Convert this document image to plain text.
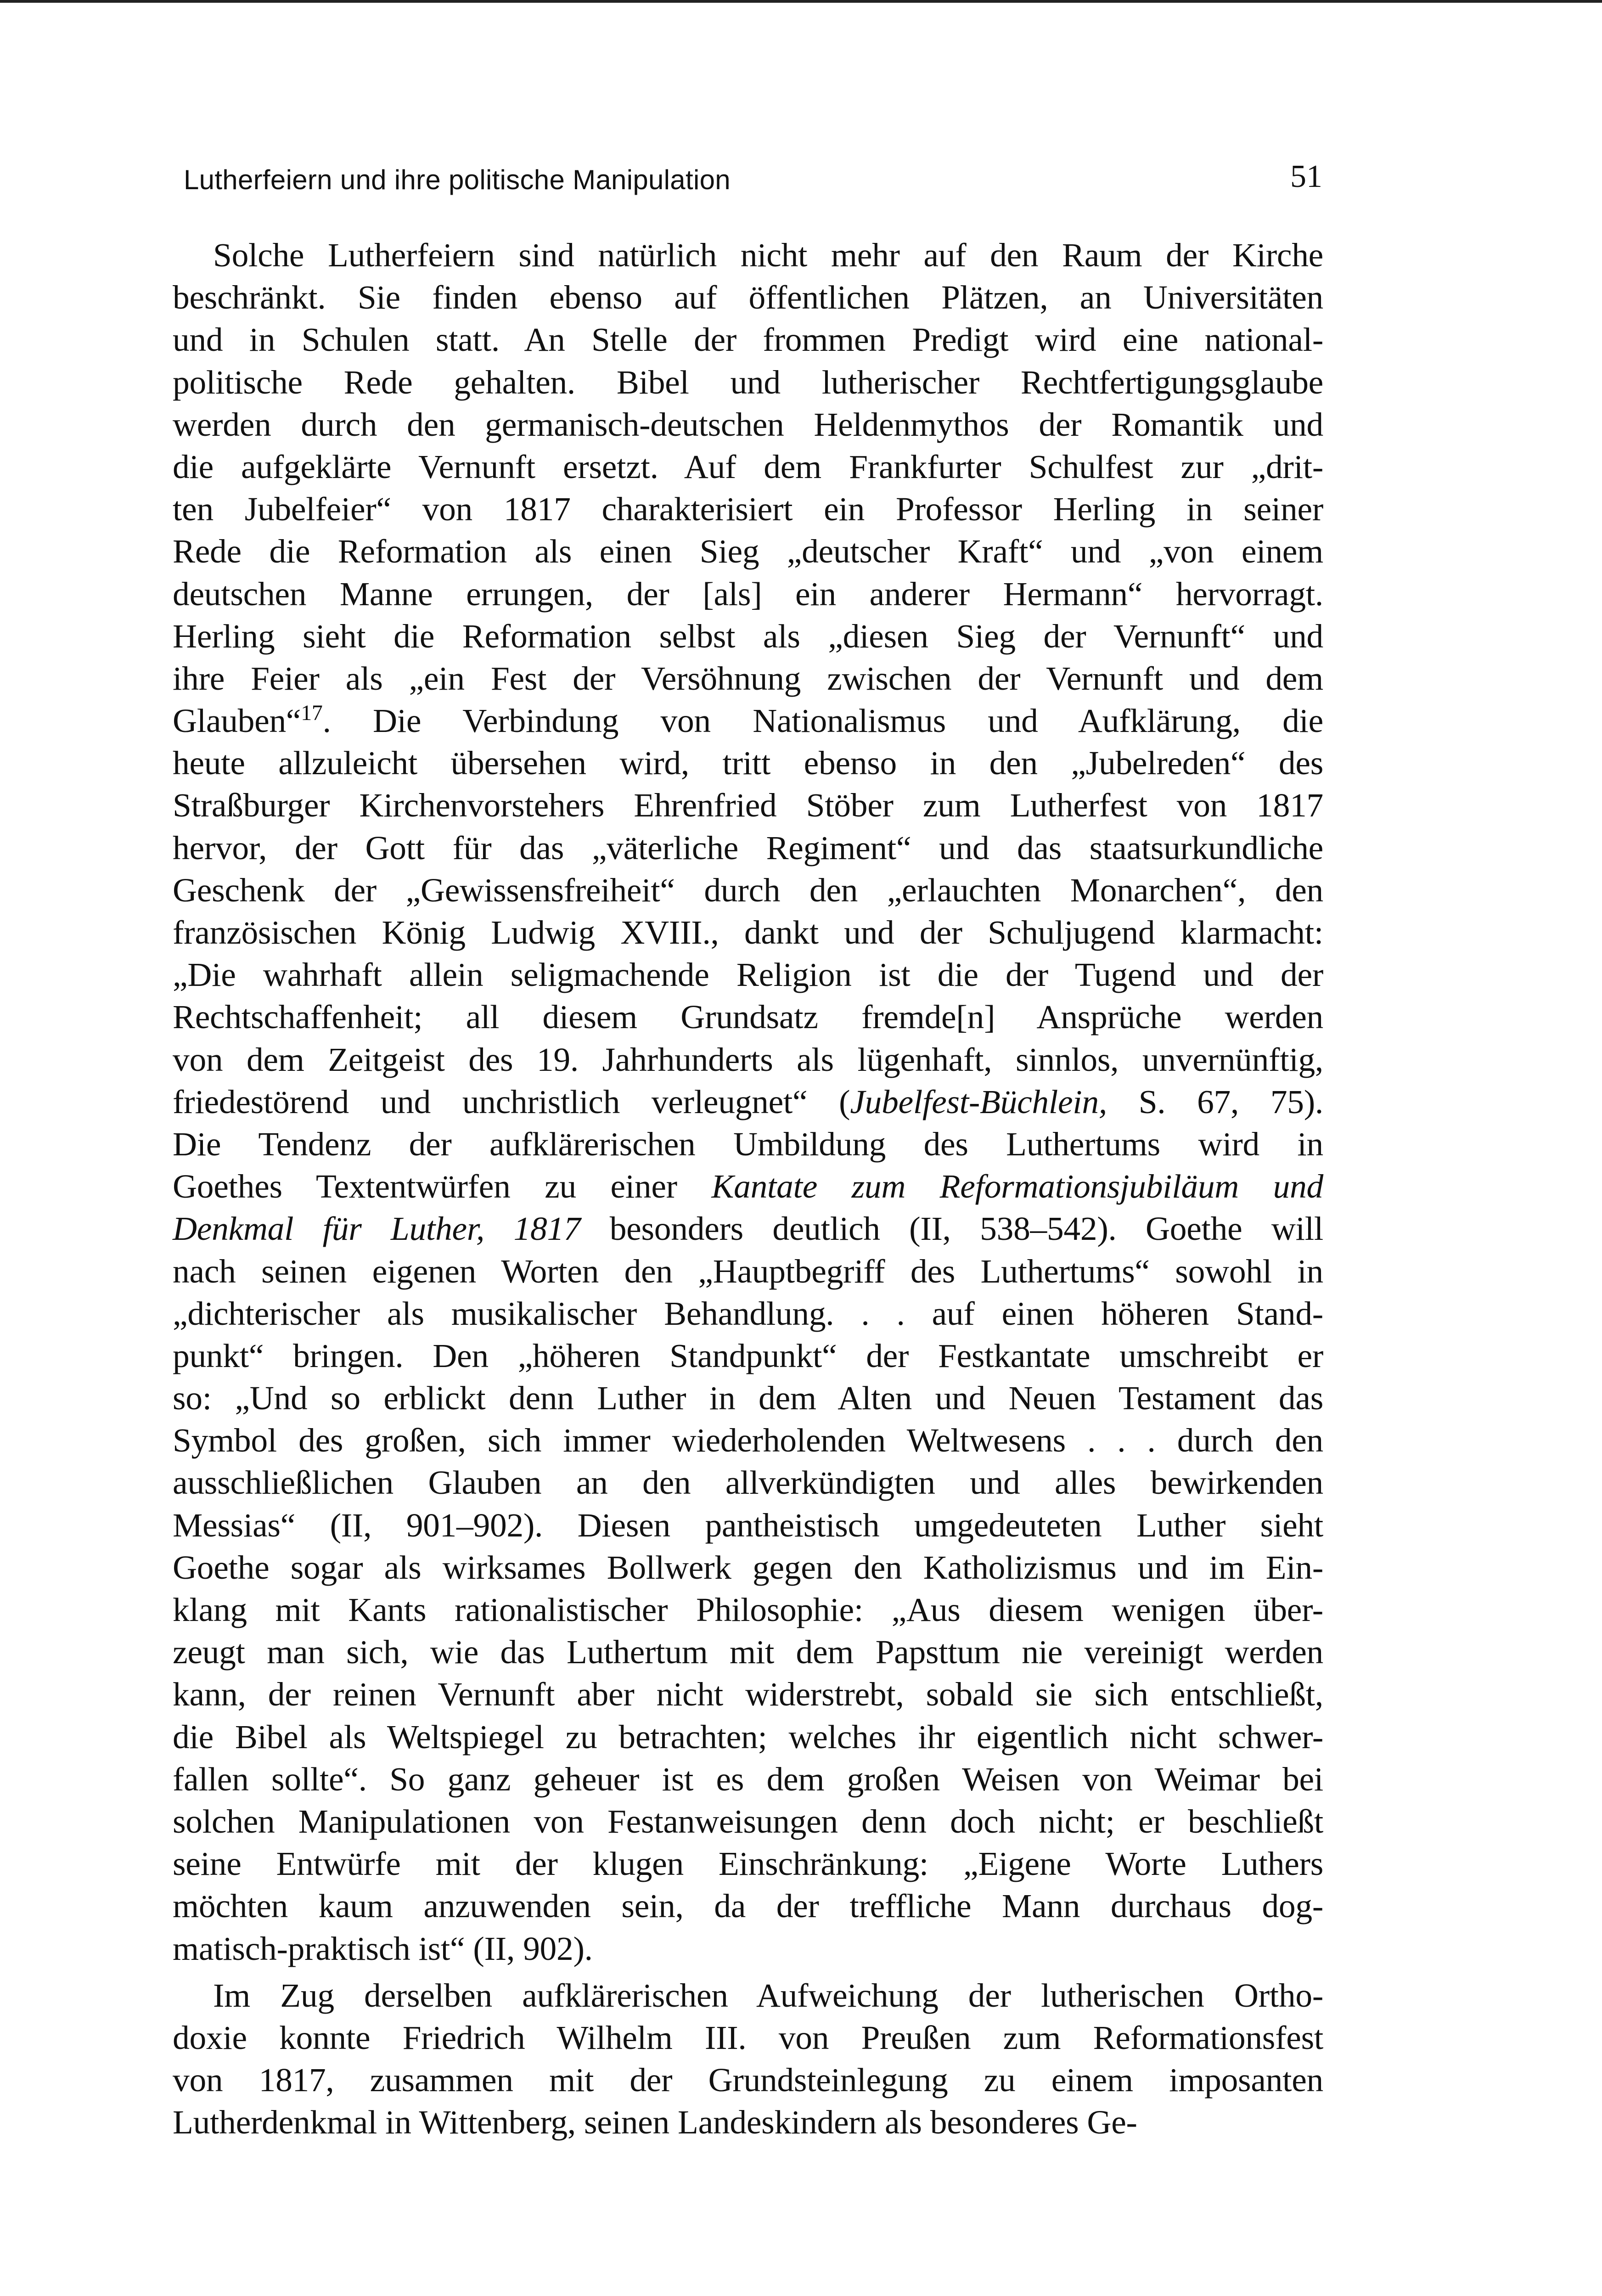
Lutherfeiern und ihre politische Manipulation	51
Solche Lutherfeiern sind natürlich nicht mehr auf den Raum der Kirche
beschränkt. Sie finden ebenso auf öffentlichen Plätzen, an Universitäten
und in Schulen statt. An Stelle der frommen Predigt wird eine national-
politische Rede gehalten. Bibel und lutherischer Rechtfertigungsglaube
werden durch den germanisch-deutschen Heldenmythos der Romantik und
die aufgeklärte Vernunft ersetzt. Auf dem Frankfurter Schulfest zur „drit-
ten Jubelfeier“ von 1817 charakterisiert ein Professor Herling in seiner
Rede die Reformation als einen Sieg „deutscher Kraft“ und „von einem
deutschen Manne errungen, der [als] ein anderer Hermann“ hervorragt.
Herling sieht die Reformation selbst als „diesen Sieg der Vernunft“ und
ihre Feier als „ein Fest der Versöhnung zwischen der Vernunft und dem
Glauben“$^{17}$. Die Verbindung von Nationalismus und Aufklärung, die
heute allzuleicht übersehen wird, tritt ebenso in den „Jubelreden“ des
Straßburger Kirchenvorstehers Ehrenfried Stöber zum Lutherfest von 1817
hervor, der Gott für das „väterliche Regiment“ und das staatsurkundliche
Geschenk der „Gewissensfreiheit“ durch den „erlauchten Monarchen“, den
französischen König Ludwig XVIII., dankt und der Schuljugend klarmacht:
„Die wahrhaft allein seligmachende Religion ist die der Tugend und der
Rechtschaffenheit; all diesem Grundsatz fremde[n] Ansprüche werden
von dem Zeitgeist des 19. Jahrhunderts als lügenhaft, sinnlos, unvernünftig,
friedestörend und unchristlich verleugnet“ (Jubelfest-Büchlein, S. 67, 75).
Die Tendenz der aufklärerischen Umbildung des Luthertums wird in
Goethes Textentwürfen zu einer Kantate zum Reformationsjubiläum und
Denkmal für Luther, 1817 besonders deutlich (II, 538–542). Goethe will
nach seinen eigenen Worten den „Hauptbegriff des Luthertums“ sowohl in
„dichterischer als musikalischer Behandlung. . . auf einen höheren Stand-
punkt“ bringen. Den „höheren Standpunkt“ der Festkantate umschreibt er
so: „Und so erblickt denn Luther in dem Alten und Neuen Testament das
Symbol des großen, sich immer wiederholenden Weltwesens . . . durch den
ausschließlichen Glauben an den allverkündigten und alles bewirkenden
Messias“ (II, 901–902). Diesen pantheistisch umgedeuteten Luther sieht
Goethe sogar als wirksames Bollwerk gegen den Katholizismus und im Ein-
klang mit Kants rationalistischer Philosophie: „Aus diesem wenigen über-
zeugt man sich, wie das Luthertum mit dem Papsttum nie vereinigt werden
kann, der reinen Vernunft aber nicht widerstrebt, sobald sie sich entschließt,
die Bibel als Weltspiegel zu betrachten; welches ihr eigentlich nicht schwer-
fallen sollte“. So ganz geheuer ist es dem großen Weisen von Weimar bei
solchen Manipulationen von Festanweisungen denn doch nicht; er beschließt
seine Entwürfe mit der klugen Einschränkung: „Eigene Worte Luthers
möchten kaum anzuwenden sein, da der treffliche Mann durchaus dog-
matisch-praktisch ist“ (II, 902).
Im Zug derselben aufklärerischen Aufweichung der lutherischen Ortho-
doxie konnte Friedrich Wilhelm III. von Preußen zum Reformationsfest
von 1817, zusammen mit der Grundsteinlegung zu einem imposanten
Lutherdenkmal in Wittenberg, seinen Landeskindern als besonderes Ge-
